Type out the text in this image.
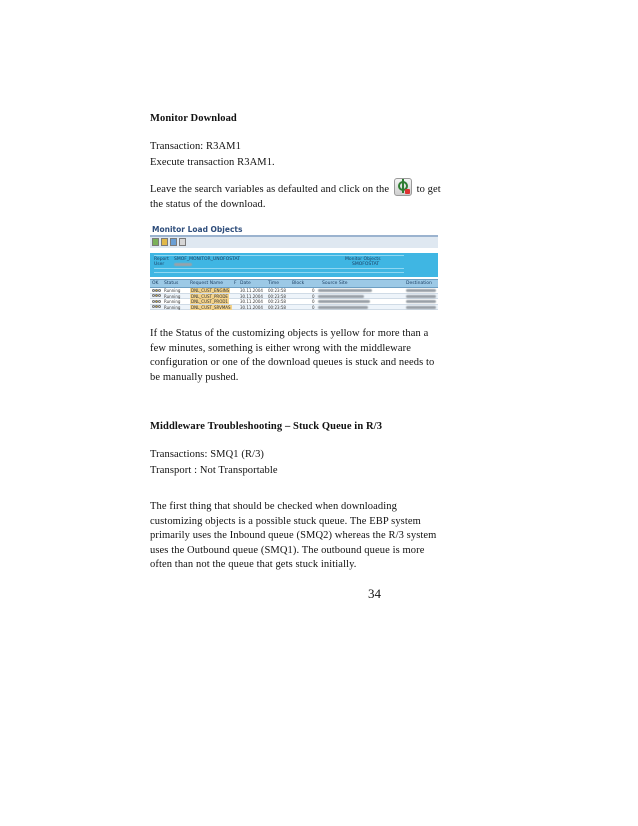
Monitor Download

Transaction: R3AM1

Execute transaction R3AM1.

Leave the search variables as defaulted and click on the	to get
the status of the download.

Monitor Load Objects
Report SMOF_MONITOR_UNOFOSTAT
User
Monitor Objects
SMOFOSTAT
OK Status	Request Name F Date	Time	Block	Source Site	Destination
Running	DNL_CUST_ENGINS	30.11.2004 00:23:58	0
Running	DNL_CUST_PRODE	30.11.2004 00:23:58	0
Running	DNL_CUST_PROD1	30.11.2004 00:23:58	0
Running	DNL_CUST_SRVMAS 30.11.2004 00:23:58	0

If the Status of the customizing objects is yellow for more than a
few minutes, something is either wrong with the middleware
configuration or one of the download queues is stuck and needs to
be manually pushed.

Middleware Troubleshooting – Stuck Queue in R/3

Transactions: SMQ1 (R/3)

Transport : Not Transportable

The first thing that should be checked when downloading
customizing objects is a possible stuck queue. The EBP system
primarily uses the Inbound queue (SMQ2) whereas the R/3 system
uses the Outbound queue (SMQ1). The outbound queue is more
often than not the queue that gets stuck initially.

34
